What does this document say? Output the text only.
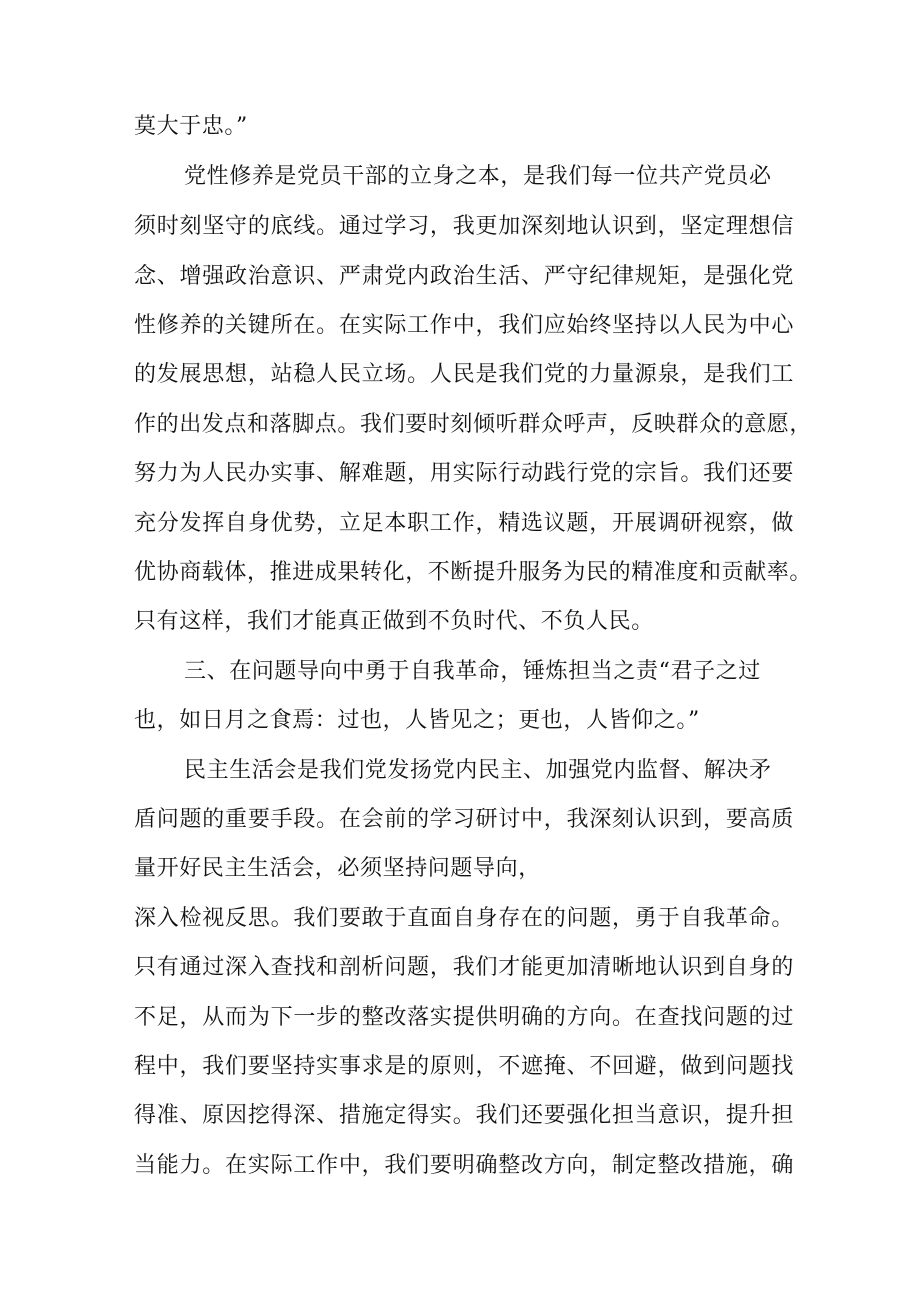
莫大于忠。”
党性修养是党员干部的立身之本，是我们每一位共产党员必
须时刻坚守的底线。通过学习，我更加深刻地认识到，坚定理想信
念、增强政治意识、严肃党内政治生活、严守纪律规矩，是强化党
性修养的关键所在。在实际工作中，我们应始终坚持以人民为中心
的发展思想，站稳人民立场。人民是我们党的力量源泉，是我们工
作的出发点和落脚点。我们要时刻倾听群众呼声，反映群众的意愿，
努力为人民办实事、解难题，用实际行动践行党的宗旨。我们还要
充分发挥自身优势，立足本职工作，精选议题，开展调研视察，做
优协商载体，推进成果转化，不断提升服务为民的精准度和贡献率。
只有这样，我们才能真正做到不负时代、不负人民。
三、在问题导向中勇于自我革命，锤炼担当之责“君子之过
也，如日月之食焉：过也，人皆见之；更也，人皆仰之。”
民主生活会是我们党发扬党内民主、加强党内监督、解决矛
盾问题的重要手段。在会前的学习研讨中，我深刻认识到，要高质
量开好民主生活会，必须坚持问题导向，
深入检视反思。我们要敢于直面自身存在的问题，勇于自我革命。
只有通过深入查找和剖析问题，我们才能更加清晰地认识到自身的
不足，从而为下一步的整改落实提供明确的方向。在查找问题的过
程中，我们要坚持实事求是的原则，不遮掩、不回避，做到问题找
得准、原因挖得深、措施定得实。我们还要强化担当意识，提升担
当能力。在实际工作中，我们要明确整改方向，制定整改措施，确
